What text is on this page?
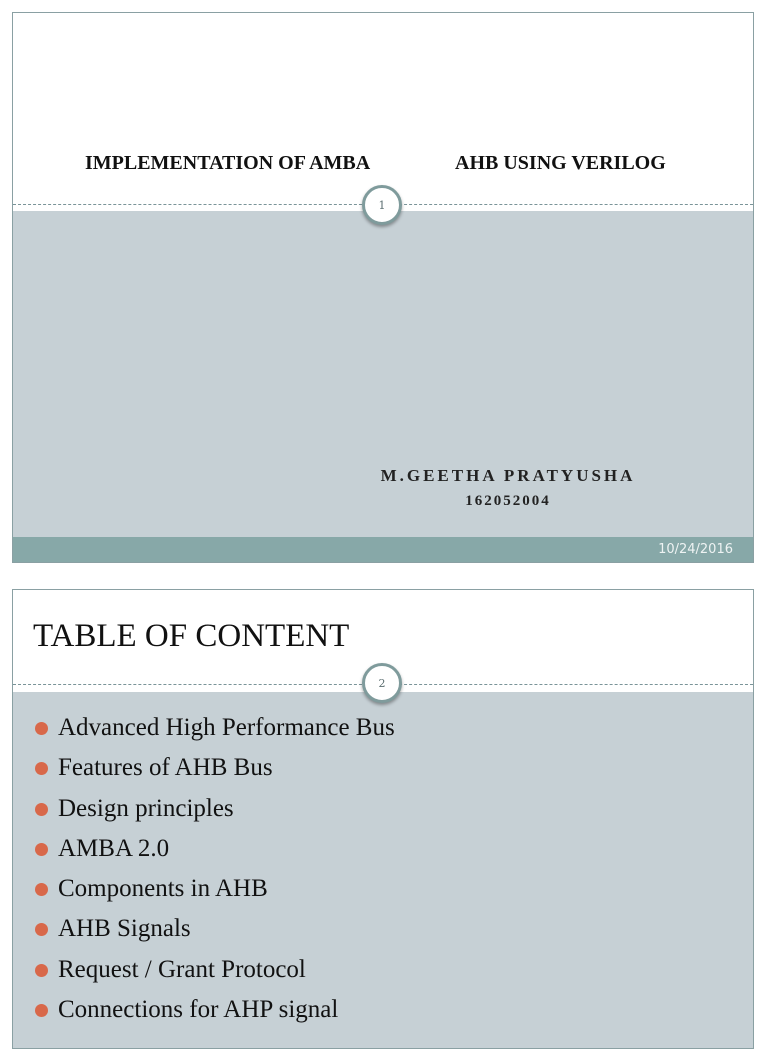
IMPLEMENTATION OF AMBA	AHB USING VERILOG
1
M.GEETHA PRATYUSHA
162052004
10/24/2016
TABLE OF CONTENT
2
Advanced High Performance Bus
Features of AHB Bus
Design principles
AMBA 2.0
Components in AHB
AHB Signals
Request / Grant Protocol
Connections for AHP signal
